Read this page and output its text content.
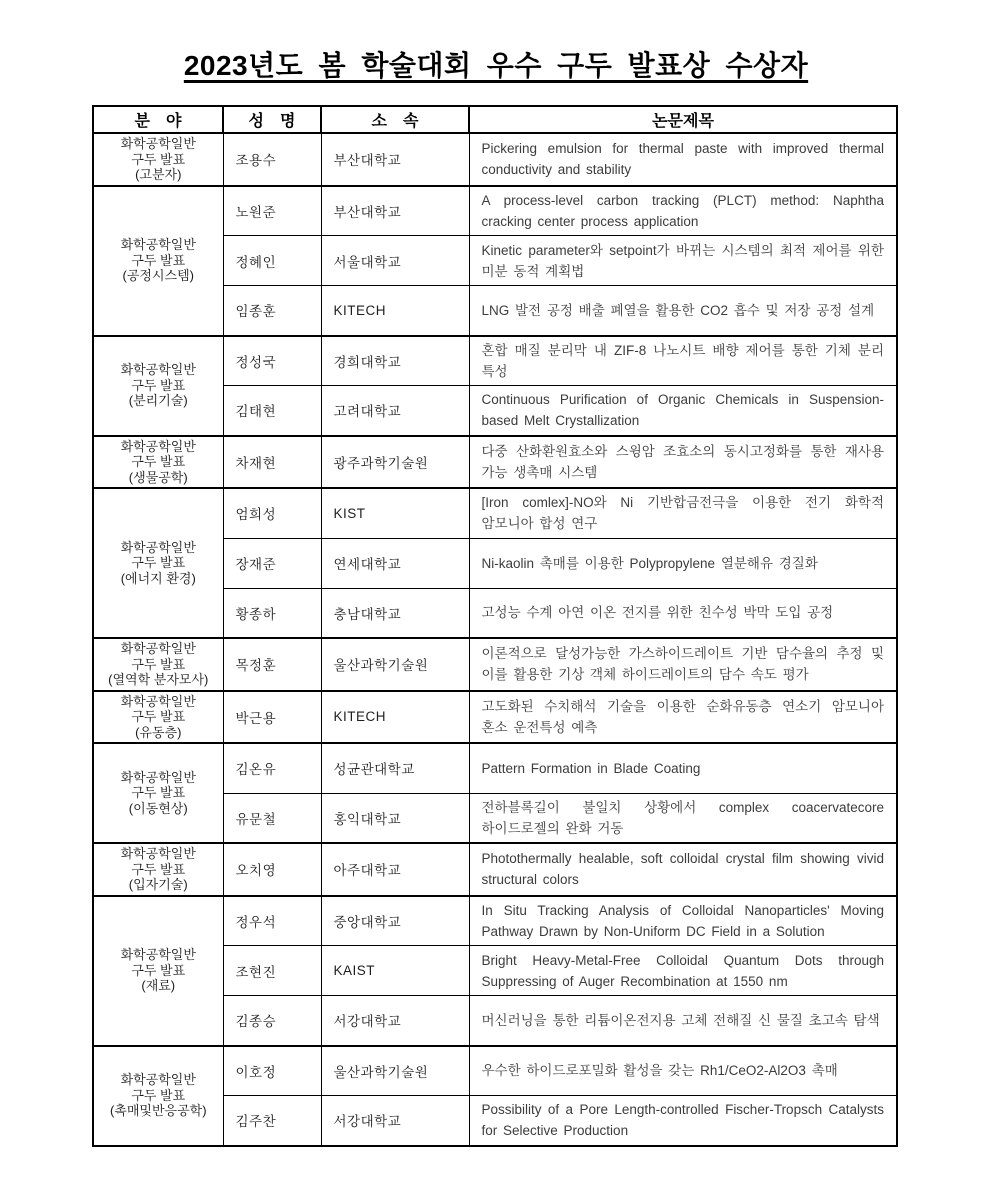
2023년도 봄 학술대회 우수 구두 발표상 수상자
분　야	성　명	소　속	논문제목

화학공학일반
구두 발표
(고분자)	조용수	부산대학교	Pickering emulsion for thermal paste with improved thermal conductivity and stability

화학공학일반
구두 발표
(공정시스템)	노원준	부산대학교	A process-level carbon tracking (PLCT) method: Naphtha cracking center process application
	정혜인	서울대학교	Kinetic parameter와 setpoint가 바뀌는 시스템의 최적 제어를 위한 미분 동적 계획법
	임종훈	KITECH	LNG 발전 공정 배출 폐열을 활용한 CO2 흡수 및 저장 공정 설계

화학공학일반
구두 발표
(분리기술)	정성국	경희대학교	혼합 매질 분리막 내 ZIF-8 나노시트 배향 제어를 통한 기체 분리 특성
	김태현	고려대학교	Continuous Purification of Organic Chemicals in Suspension-based Melt Crystallization

화학공학일반
구두 발표
(생물공학)	차재현	광주과학기술원	다중 산화환원효소와 스윙암 조효소의 동시고정화를 통한 재사용 가능 생촉매 시스템

화학공학일반
구두 발표
(에너지 환경)	엄희성	KIST	[Iron comlex]-NO와 Ni 기반합금전극을 이용한 전기 화학적 암모니아 합성 연구
	장재준	연세대학교	Ni-kaolin 촉매를 이용한 Polypropylene 열분해유 경질화
	황종하	충남대학교	고성능 수계 아연 이온 전지를 위한 친수성 박막 도입 공정

화학공학일반
구두 발표
(열역학 분자모사)	목정훈	울산과학기술원	이론적으로 달성가능한 가스하이드레이트 기반 담수율의 추정 및 이를 활용한 기상 객체 하이드레이트의 담수 속도 평가

화학공학일반
구두 발표
(유동층)	박근용	KITECH	고도화된 수치해석 기술을 이용한 순화유동층 연소기 암모니아 혼소 운전특성 예측

화학공학일반
구두 발표
(이동현상)	김온유	성균관대학교	Pattern Formation in Blade Coating
	유문철	홍익대학교	전하블록길이 불일치 상황에서 complex coacervatecore 하이드로젤의 완화 거동

화학공학일반
구두 발표
(입자기술)	오치영	아주대학교	Photothermally healable, soft colloidal crystal film showing vivid structural colors

화학공학일반
구두 발표
(재료)	정우석	중앙대학교	In Situ Tracking Analysis of Colloidal Nanoparticles' Moving Pathway Drawn by Non-Uniform DC Field in a Solution
	조현진	KAIST	Bright Heavy-Metal-Free Colloidal Quantum Dots through Suppressing of Auger Recombination at 1550 nm
	김종승	서강대학교	머신러닝을 통한 리튬이온전지용 고체 전해질 신 물질 초고속 탐색

화학공학일반
구두 발표
(촉매및반응공학)	이호정	울산과학기술원	우수한 하이드로포밀화 활성을 갖는 Rh1/CeO2-Al2O3 촉매
	김주찬	서강대학교	Possibility of a Pore Length-controlled Fischer-Tropsch Catalysts for Selective Production
